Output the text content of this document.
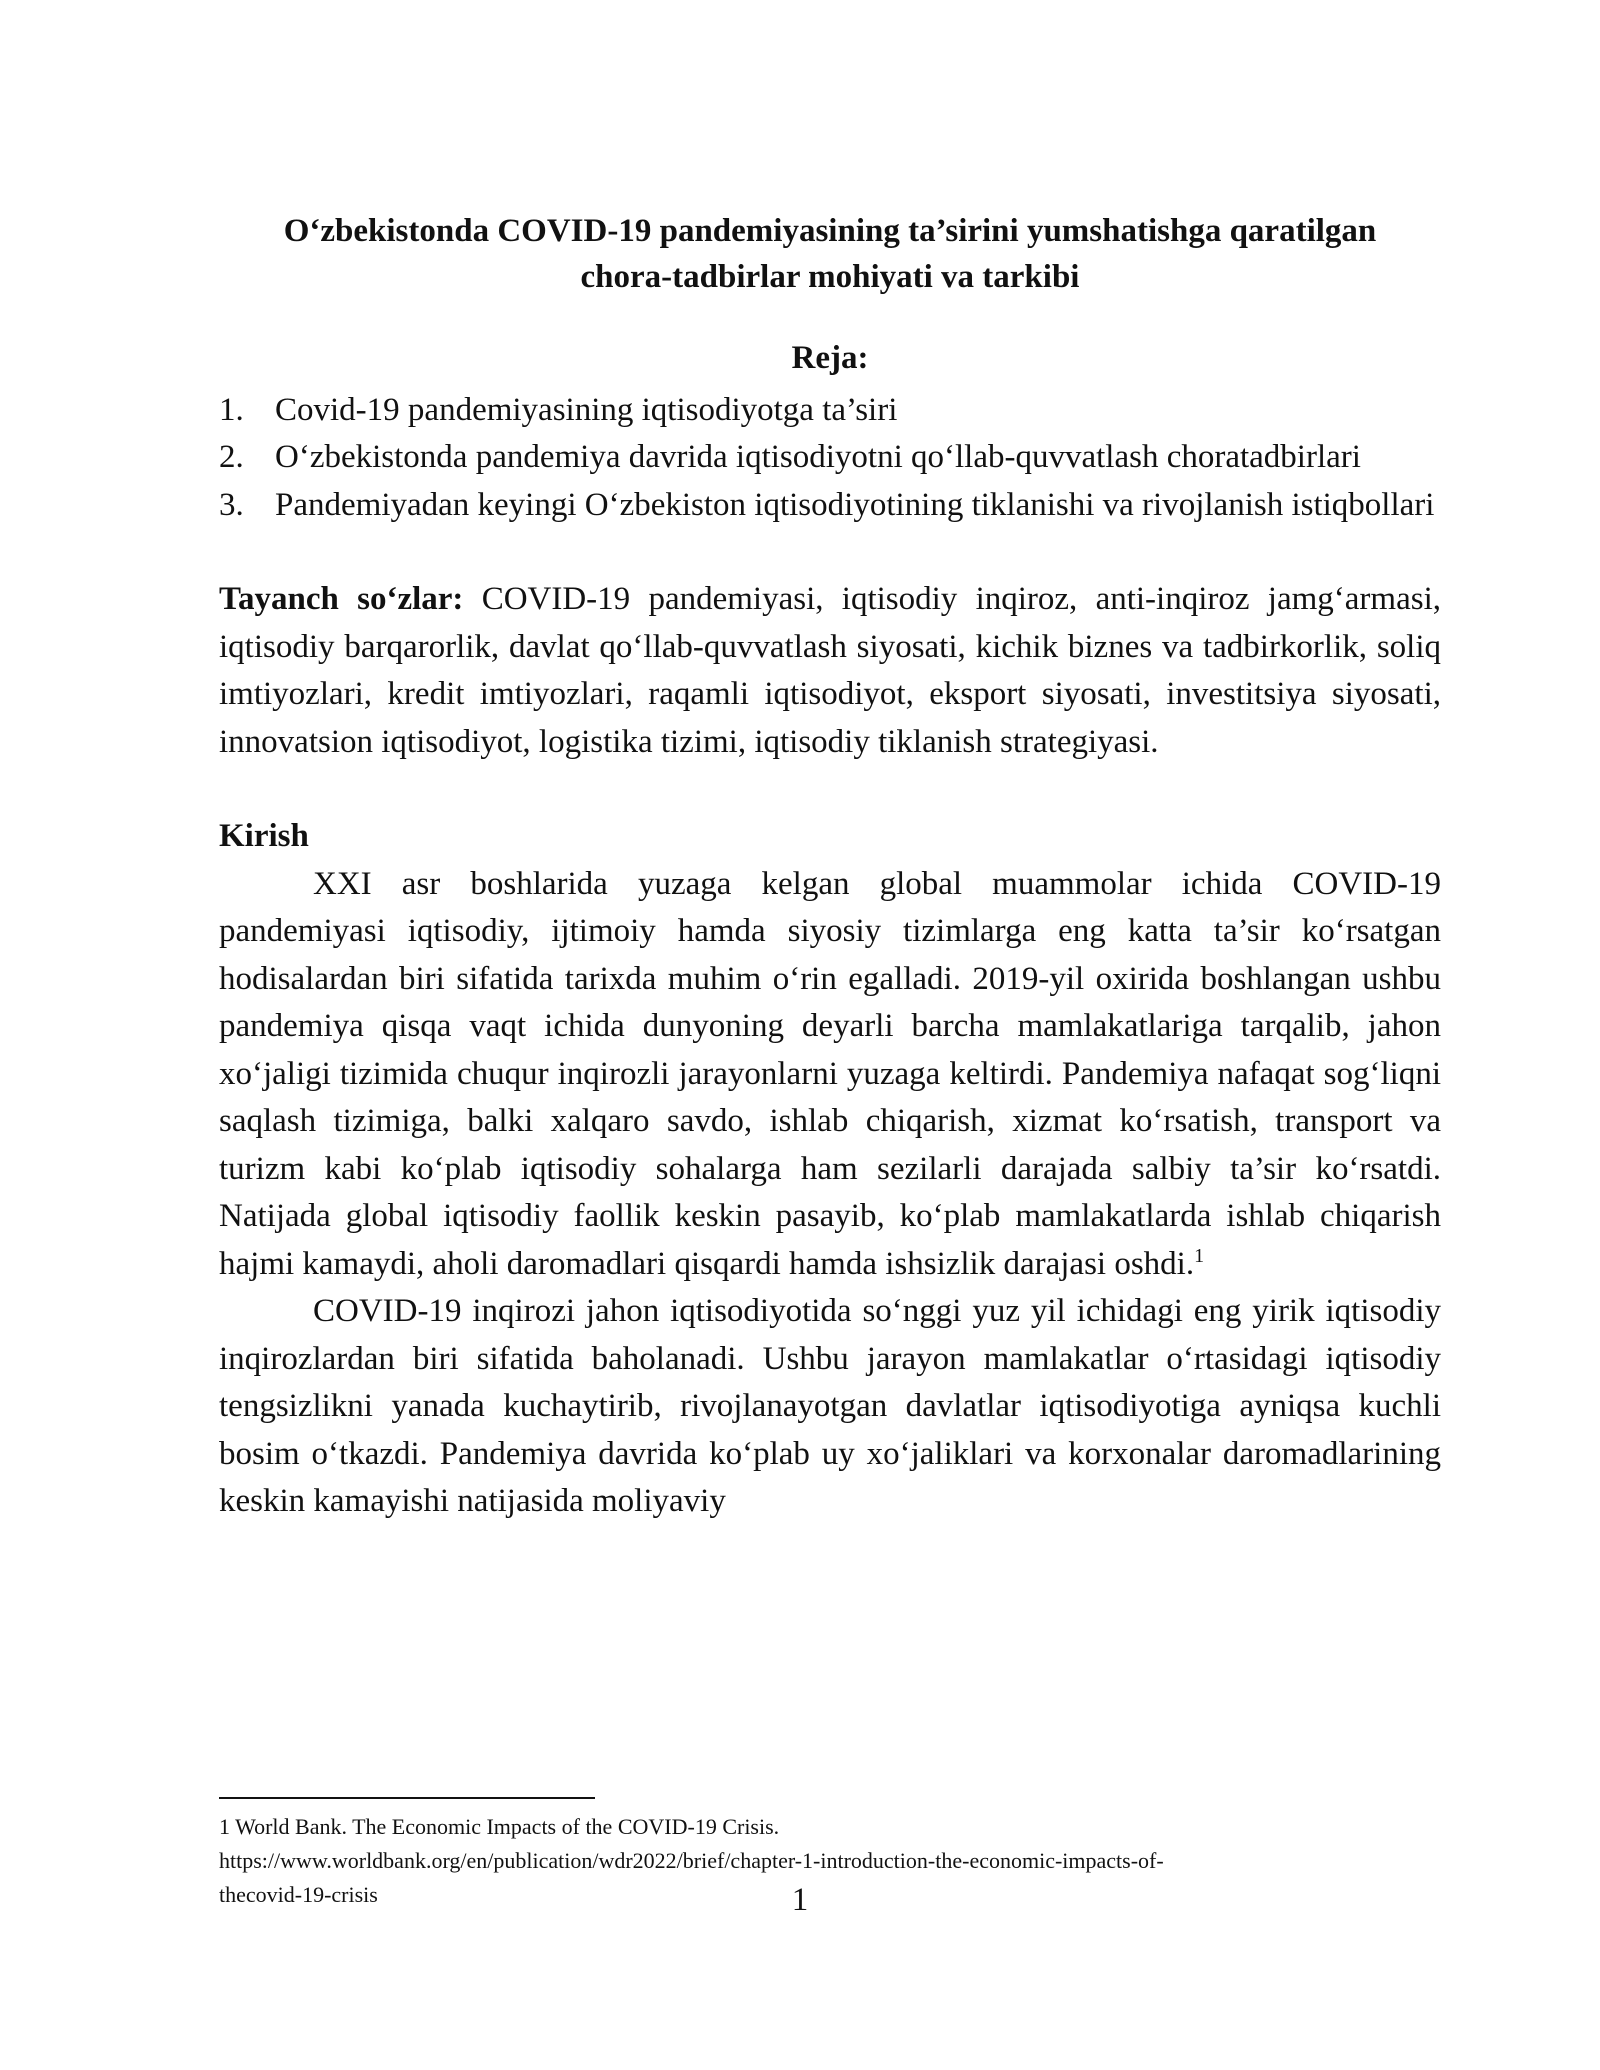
O‘zbekistonda COVID-19 pandemiyasining ta’sirini yumshatishga qaratilgan
chora-tadbirlar mohiyati va tarkibi
Reja:
1. Covid-19 pandemiyasining iqtisodiyotga ta’siri
2. O‘zbekistonda pandemiya davrida iqtisodiyotni qo‘llab-quvvatlash choratadbirlari
3. Pandemiyadan keyingi O‘zbekiston iqtisodiyotining tiklanishi va rivojlanish istiqbollari
Tayanch so‘zlar: COVID-19 pandemiyasi, iqtisodiy inqiroz, anti-inqiroz jamg‘armasi, iqtisodiy barqarorlik, davlat qo‘llab-quvvatlash siyosati, kichik biznes va tadbirkorlik, soliq imtiyozlari, kredit imtiyozlari, raqamli iqtisodiyot, eksport siyosati, investitsiya siyosati, innovatsion iqtisodiyot, logistika tizimi, iqtisodiy tiklanish strategiyasi.
Kirish

XXI asr boshlarida yuzaga kelgan global muammolar ichida COVID-19 pandemiyasi iqtisodiy, ijtimoiy hamda siyosiy tizimlarga eng katta ta’sir ko‘rsatgan hodisalardan biri sifatida tarixda muhim o‘rin egalladi. 2019-yil oxirida boshlangan ushbu pandemiya qisqa vaqt ichida dunyoning deyarli barcha mamlakatlariga tarqalib, jahon xo‘jaligi tizimida chuqur inqirozli jarayonlarni yuzaga keltirdi. Pandemiya nafaqat sog‘liqni saqlash tizimiga, balki xalqaro savdo, ishlab chiqarish, xizmat ko‘rsatish, transport va turizm kabi ko‘plab iqtisodiy sohalarga ham sezilarli darajada salbiy ta’sir ko‘rsatdi. Natijada global iqtisodiy faollik keskin pasayib, ko‘plab mamlakatlarda ishlab chiqarish hajmi kamaydi, aholi daromadlari qisqardi hamda ishsizlik darajasi oshdi.$^1$

COVID-19 inqirozi jahon iqtisodiyotida so‘nggi yuz yil ichidagi eng yirik iqtisodiy inqirozlardan biri sifatida baholanadi. Ushbu jarayon mamlakatlar o‘rtasidagi iqtisodiy tengsizlikni yanada kuchaytirib, rivojlanayotgan davlatlar iqtisodiyotiga ayniqsa kuchli bosim o‘tkazdi. Pandemiya davrida ko‘plab uy xo‘jaliklari va korxonalar daromadlarining keskin kamayishi natijasida moliyaviy

1 World Bank. The Economic Impacts of the COVID-19 Crisis.
https://www.worldbank.org/en/publication/wdr2022/brief/chapter-1-introduction-the-economic-impacts-of-
thecovid-19-crisis	1
